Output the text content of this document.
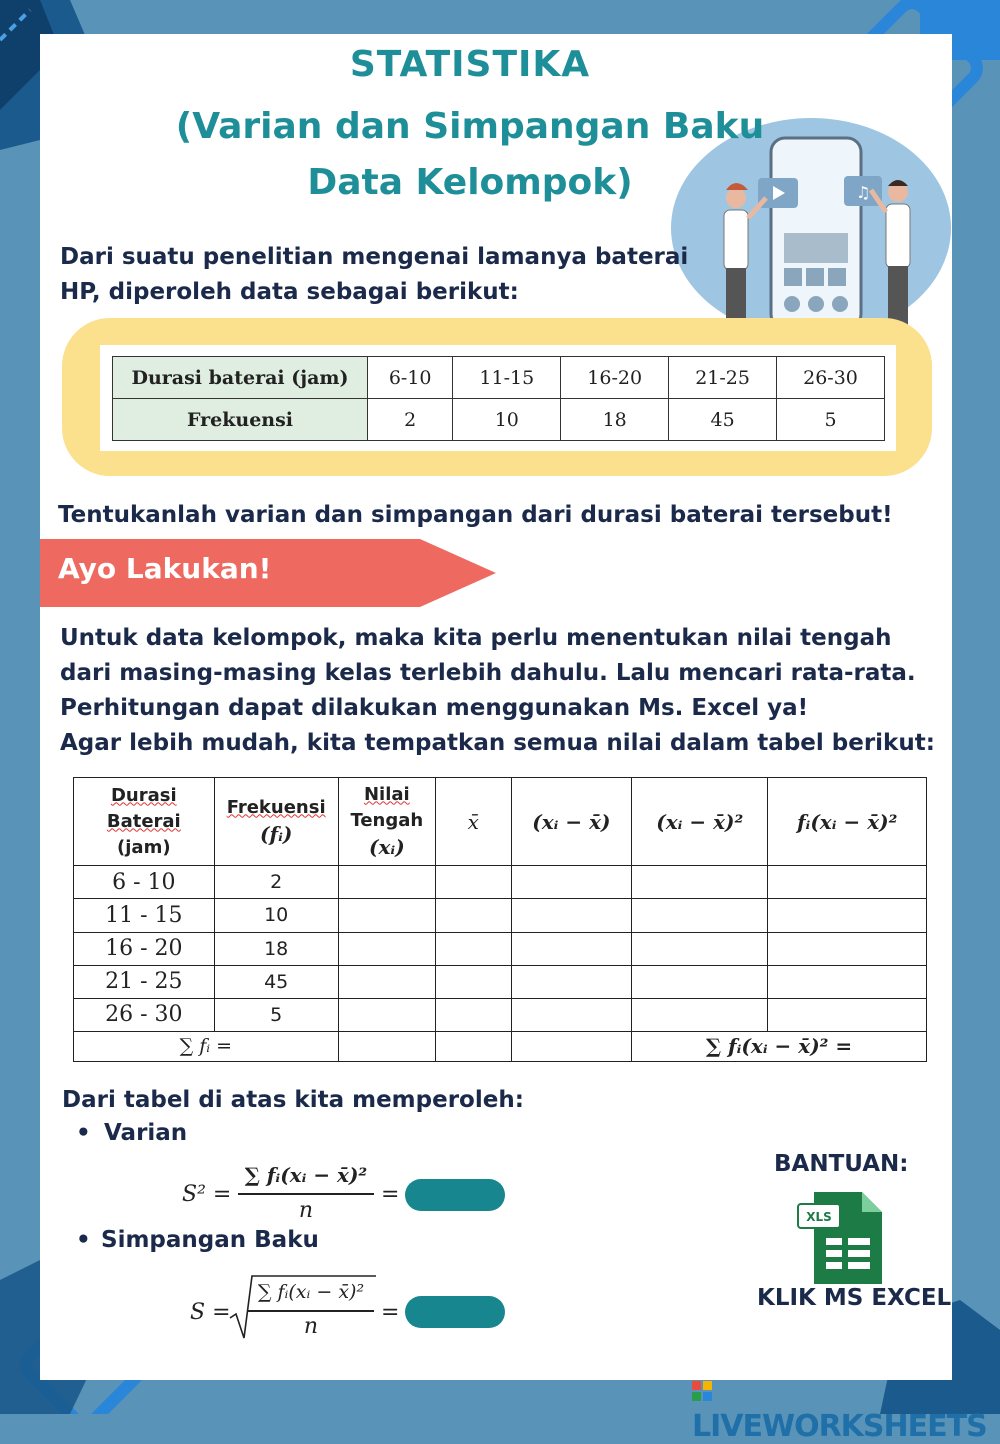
♫
STATISTIKA
(Varian dan Simpangan Baku
Data Kelompok)
Dari suatu penelitian mengenai lamanya baterai
HP, diperoleh data sebagai berikut:
Durasi baterai (jam)	6-10	11-15	16-20	21-25	26-30
Frekuensi	2	10	18	45	5
Tentukanlah varian dan simpangan dari durasi baterai tersebut!
Ayo Lakukan!
Untuk data kelompok, maka kita perlu menentukan nilai tengah
dari masing-masing kelas terlebih dahulu. Lalu mencari rata-rata.
Perhitungan dapat dilakukan menggunakan Ms. Excel ya!
Agar lebih mudah, kita tempatkan semua nilai dalam tabel berikut:
Durasi
Baterai
(jam)	Frekuensi
(fᵢ)	Nilai
Tengah
(xᵢ)	x̄	(xᵢ − x̄)	(xᵢ − x̄)²	fᵢ(xᵢ − x̄)²
6 - 10	2					
11 - 15	10					
16 - 20	18					
21 - 25	45					
26 - 30	5					
∑ fᵢ =					∑ fᵢ(xᵢ − x̄)² =	
Dari tabel di atas kita memperoleh:
• Varian
S² =
∑ fᵢ(xᵢ − x̄)²
n
=
• Simpangan Baku
S =
∑ fᵢ(xᵢ − x̄)²
n
=
BANTUAN:
XLS
KLIK MS EXCEL
LIVEWORKSHEETS
